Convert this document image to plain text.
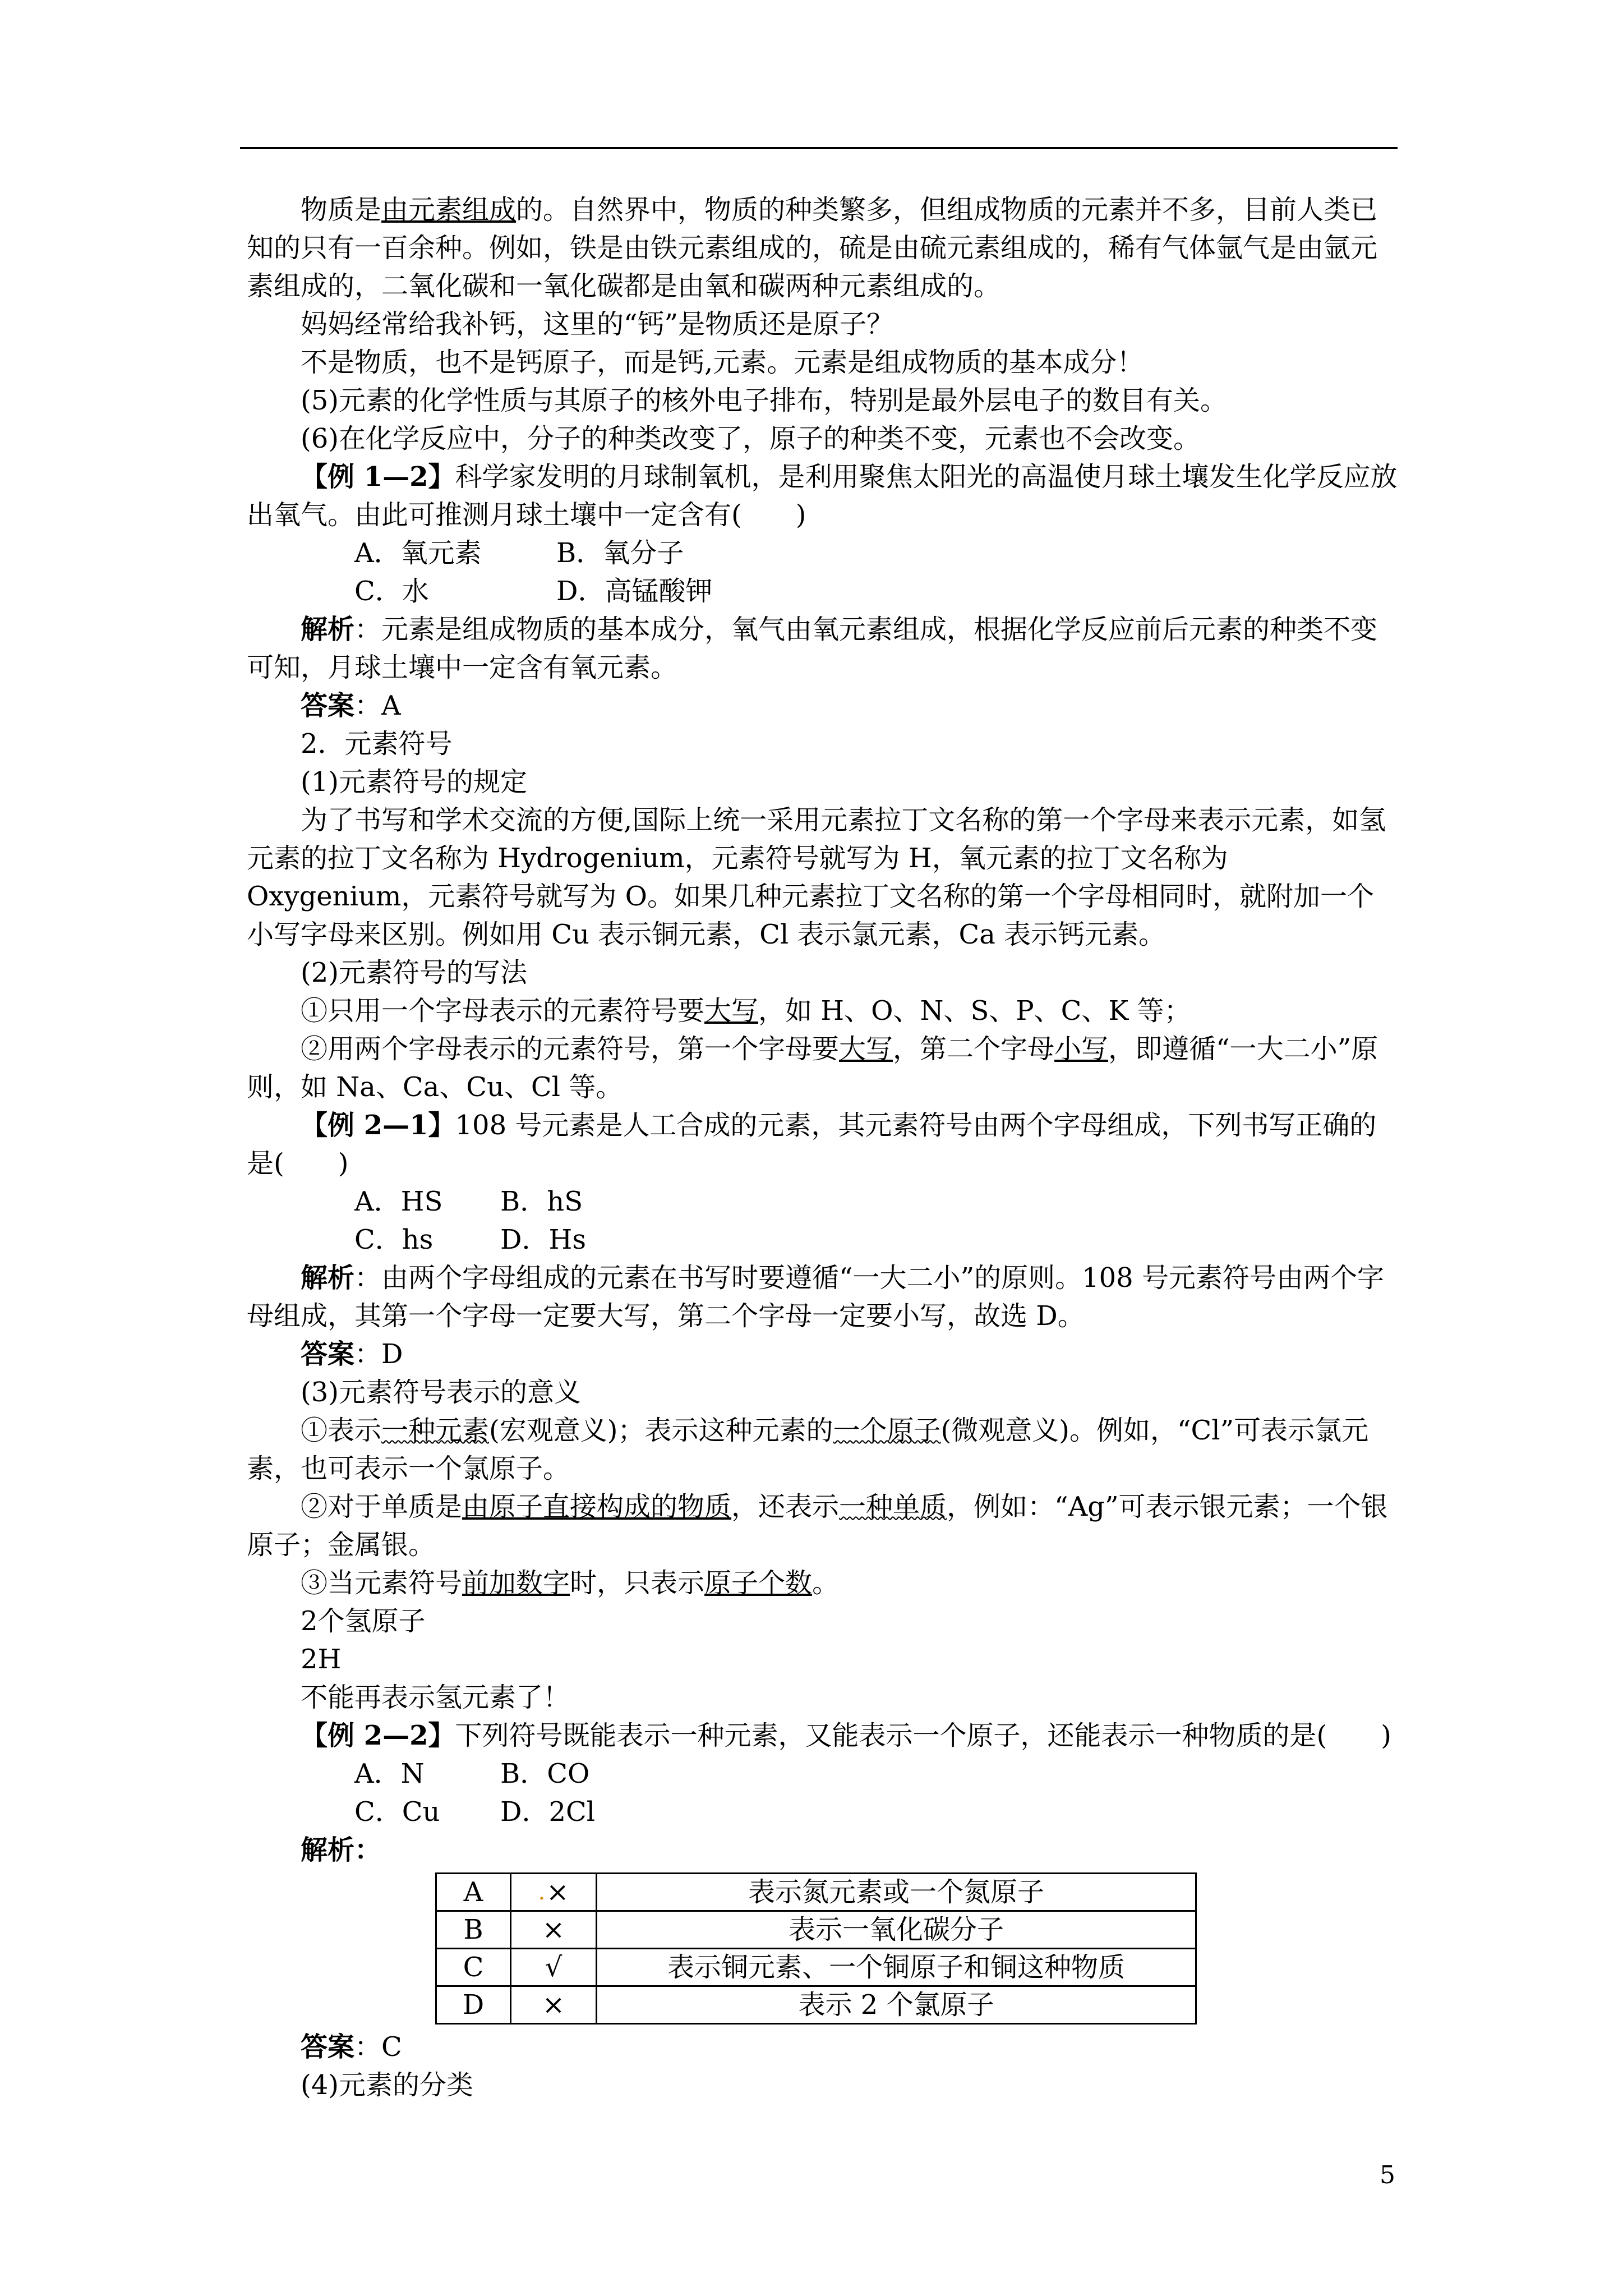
物质是由元素组成的。自然界中，物质的种类繁多，但组成物质的元素并不多，目前人类已知的只有一百余种。例如，铁是由铁元素组成的，硫是由硫元素组成的，稀有气体氩气是由氩元素组成的，二氧化碳和一氧化碳都是由氧和碳两种元素组成的。

妈妈经常给我补钙，这里的“钙”是物质还是原子？

不是物质，也不是钙原子，而是钙,元素。元素是组成物质的基本成分！

(5)元素的化学性质与其原子的核外电子排布，特别是最外层电子的数目有关。

(6)在化学反应中，分子的种类改变了，原子的种类不变，元素也不会改变。

【例 1—2】科学家发明的月球制氧机，是利用聚焦太阳光的高温使月球土壤发生化学反应放出氧气。由此可推测月球土壤中一定含有(　　)

A．氧元素	B．氧分子

C．水	D．高锰酸钾

解析：元素是组成物质的基本成分，氧气由氧元素组成，根据化学反应前后元素的种类不变可知，月球土壤中一定含有氧元素。

答案：A

2．元素符号

(1)元素符号的规定

为了书写和学术交流的方便,国际上统一采用元素拉丁文名称的第一个字母来表示元素，如氢元素的拉丁文名称为 Hydrogenium，元素符号就写为 H，氧元素的拉丁文名称为 Oxygenium，元素符号就写为 O。如果几种元素拉丁文名称的第一个字母相同时，就附加一个小写字母来区别。例如用 Cu 表示铜元素，Cl 表示氯元素，Ca 表示钙元素。

(2)元素符号的写法

①只用一个字母表示的元素符号要大写，如 H、O、N、S、P、C、K 等；

②用两个字母表示的元素符号，第一个字母要大写，第二个字母小写，即遵循“一大二小”原则，如 Na、Ca、Cu、Cl 等。

【例 2—1】108 号元素是人工合成的元素，其元素符号由两个字母组成，下列书写正确的是(　　)

A．HS B．hS

C．hs D．Hs

解析：由两个字母组成的元素在书写时要遵循“一大二小”的原则。108 号元素符号由两个字母组成，其第一个字母一定要大写，第二个字母一定要小写，故选 D。

答案：D

(3)元素符号表示的意义

①表示一种元素(宏观意义)；表示这种元素的一个原子(微观意义)。例如，“Cl”可表示氯元素，也可表示一个氯原子。

②对于单质是由原子直接构成的物质，还表示一种单质，例如：“Ag”可表示银元素；一个银原子；金属银。

③当元素符号前加数字时，只表示原子个数。

2个氢原子

2H

不能再表示氢元素了！

【例 2—2】下列符号既能表示一种元素，又能表示一个原子，还能表示一种物质的是(　　)

A．N	B．CO

C．Cu D．2Cl

解析：

A	.×	表示氮元素或一个氮原子
B	×	表示一氧化碳分子
C	√	表示铜元素、一个铜原子和铜这种物质
D	×	表示 2 个氯原子

答案：C

(4)元素的分类

5
